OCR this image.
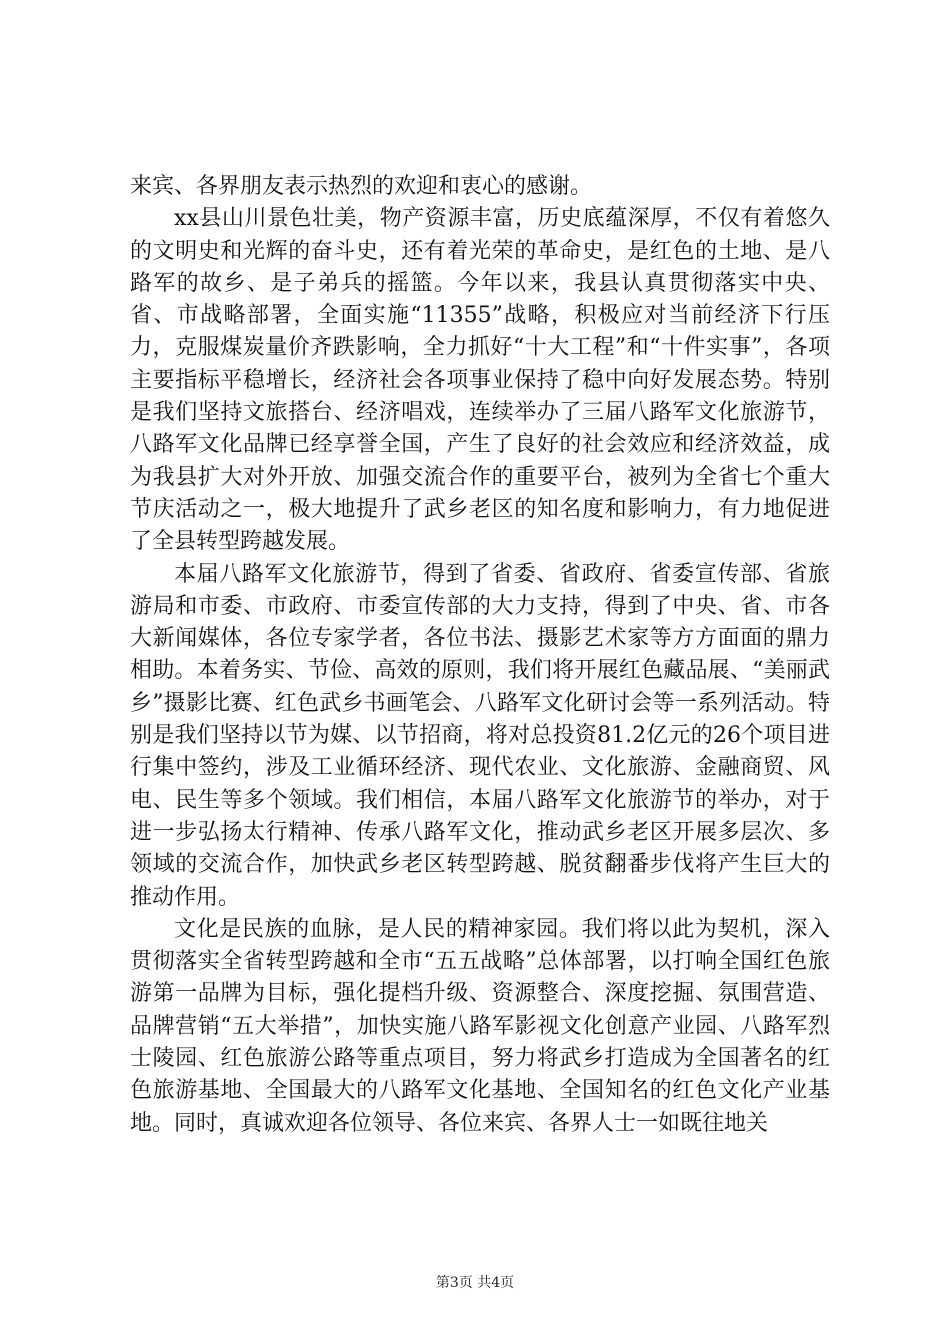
来宾、各界朋友表示热烈的欢迎和衷心的感谢。

xx县山川景色壮美，物产资源丰富，历史底蕴深厚，不仅有着悠久的文明史和光辉的奋斗史，还有着光荣的革命史，是红色的土地、是八路军的故乡、是子弟兵的摇篮。今年以来，我县认真贯彻落实中央、省、市战略部署，全面实施“11355”战略，积极应对当前经济下行压力，克服煤炭量价齐跌影响，全力抓好“十大工程”和“十件实事”，各项主要指标平稳增长，经济社会各项事业保持了稳中向好发展态势。特别是我们坚持文旅搭台、经济唱戏，连续举办了三届八路军文化旅游节，八路军文化品牌已经享誉全国，产生了良好的社会效应和经济效益，成为我县扩大对外开放、加强交流合作的重要平台，被列为全省七个重大节庆活动之一，极大地提升了武乡老区的知名度和影响力，有力地促进了全县转型跨越发展。

本届八路军文化旅游节，得到了省委、省政府、省委宣传部、省旅游局和市委、市政府、市委宣传部的大力支持，得到了中央、省、市各大新闻媒体，各位专家学者，各位书法、摄影艺术家等方方面面的鼎力相助。本着务实、节俭、高效的原则，我们将开展红色藏品展、“美丽武乡”摄影比赛、红色武乡书画笔会、八路军文化研讨会等一系列活动。特别是我们坚持以节为媒、以节招商，将对总投资81.2亿元的26个项目进行集中签约，涉及工业循环经济、现代农业、文化旅游、金融商贸、风电、民生等多个领域。我们相信，本届八路军文化旅游节的举办，对于进一步弘扬太行精神、传承八路军文化，推动武乡老区开展多层次、多领域的交流合作，加快武乡老区转型跨越、脱贫翻番步伐将产生巨大的推动作用。

文化是民族的血脉，是人民的精神家园。我们将以此为契机，深入贯彻落实全省转型跨越和全市“五五战略”总体部署，以打响全国红色旅游第一品牌为目标，强化提档升级、资源整合、深度挖掘、氛围营造、品牌营销“五大举措”，加快实施八路军影视文化创意产业园、八路军烈士陵园、红色旅游公路等重点项目，努力将武乡打造成为全国著名的红色旅游基地、全国最大的八路军文化基地、全国知名的红色文化产业基地。同时，真诚欢迎各位领导、各位来宾、各界人士一如既往地关

第3页 共4页
